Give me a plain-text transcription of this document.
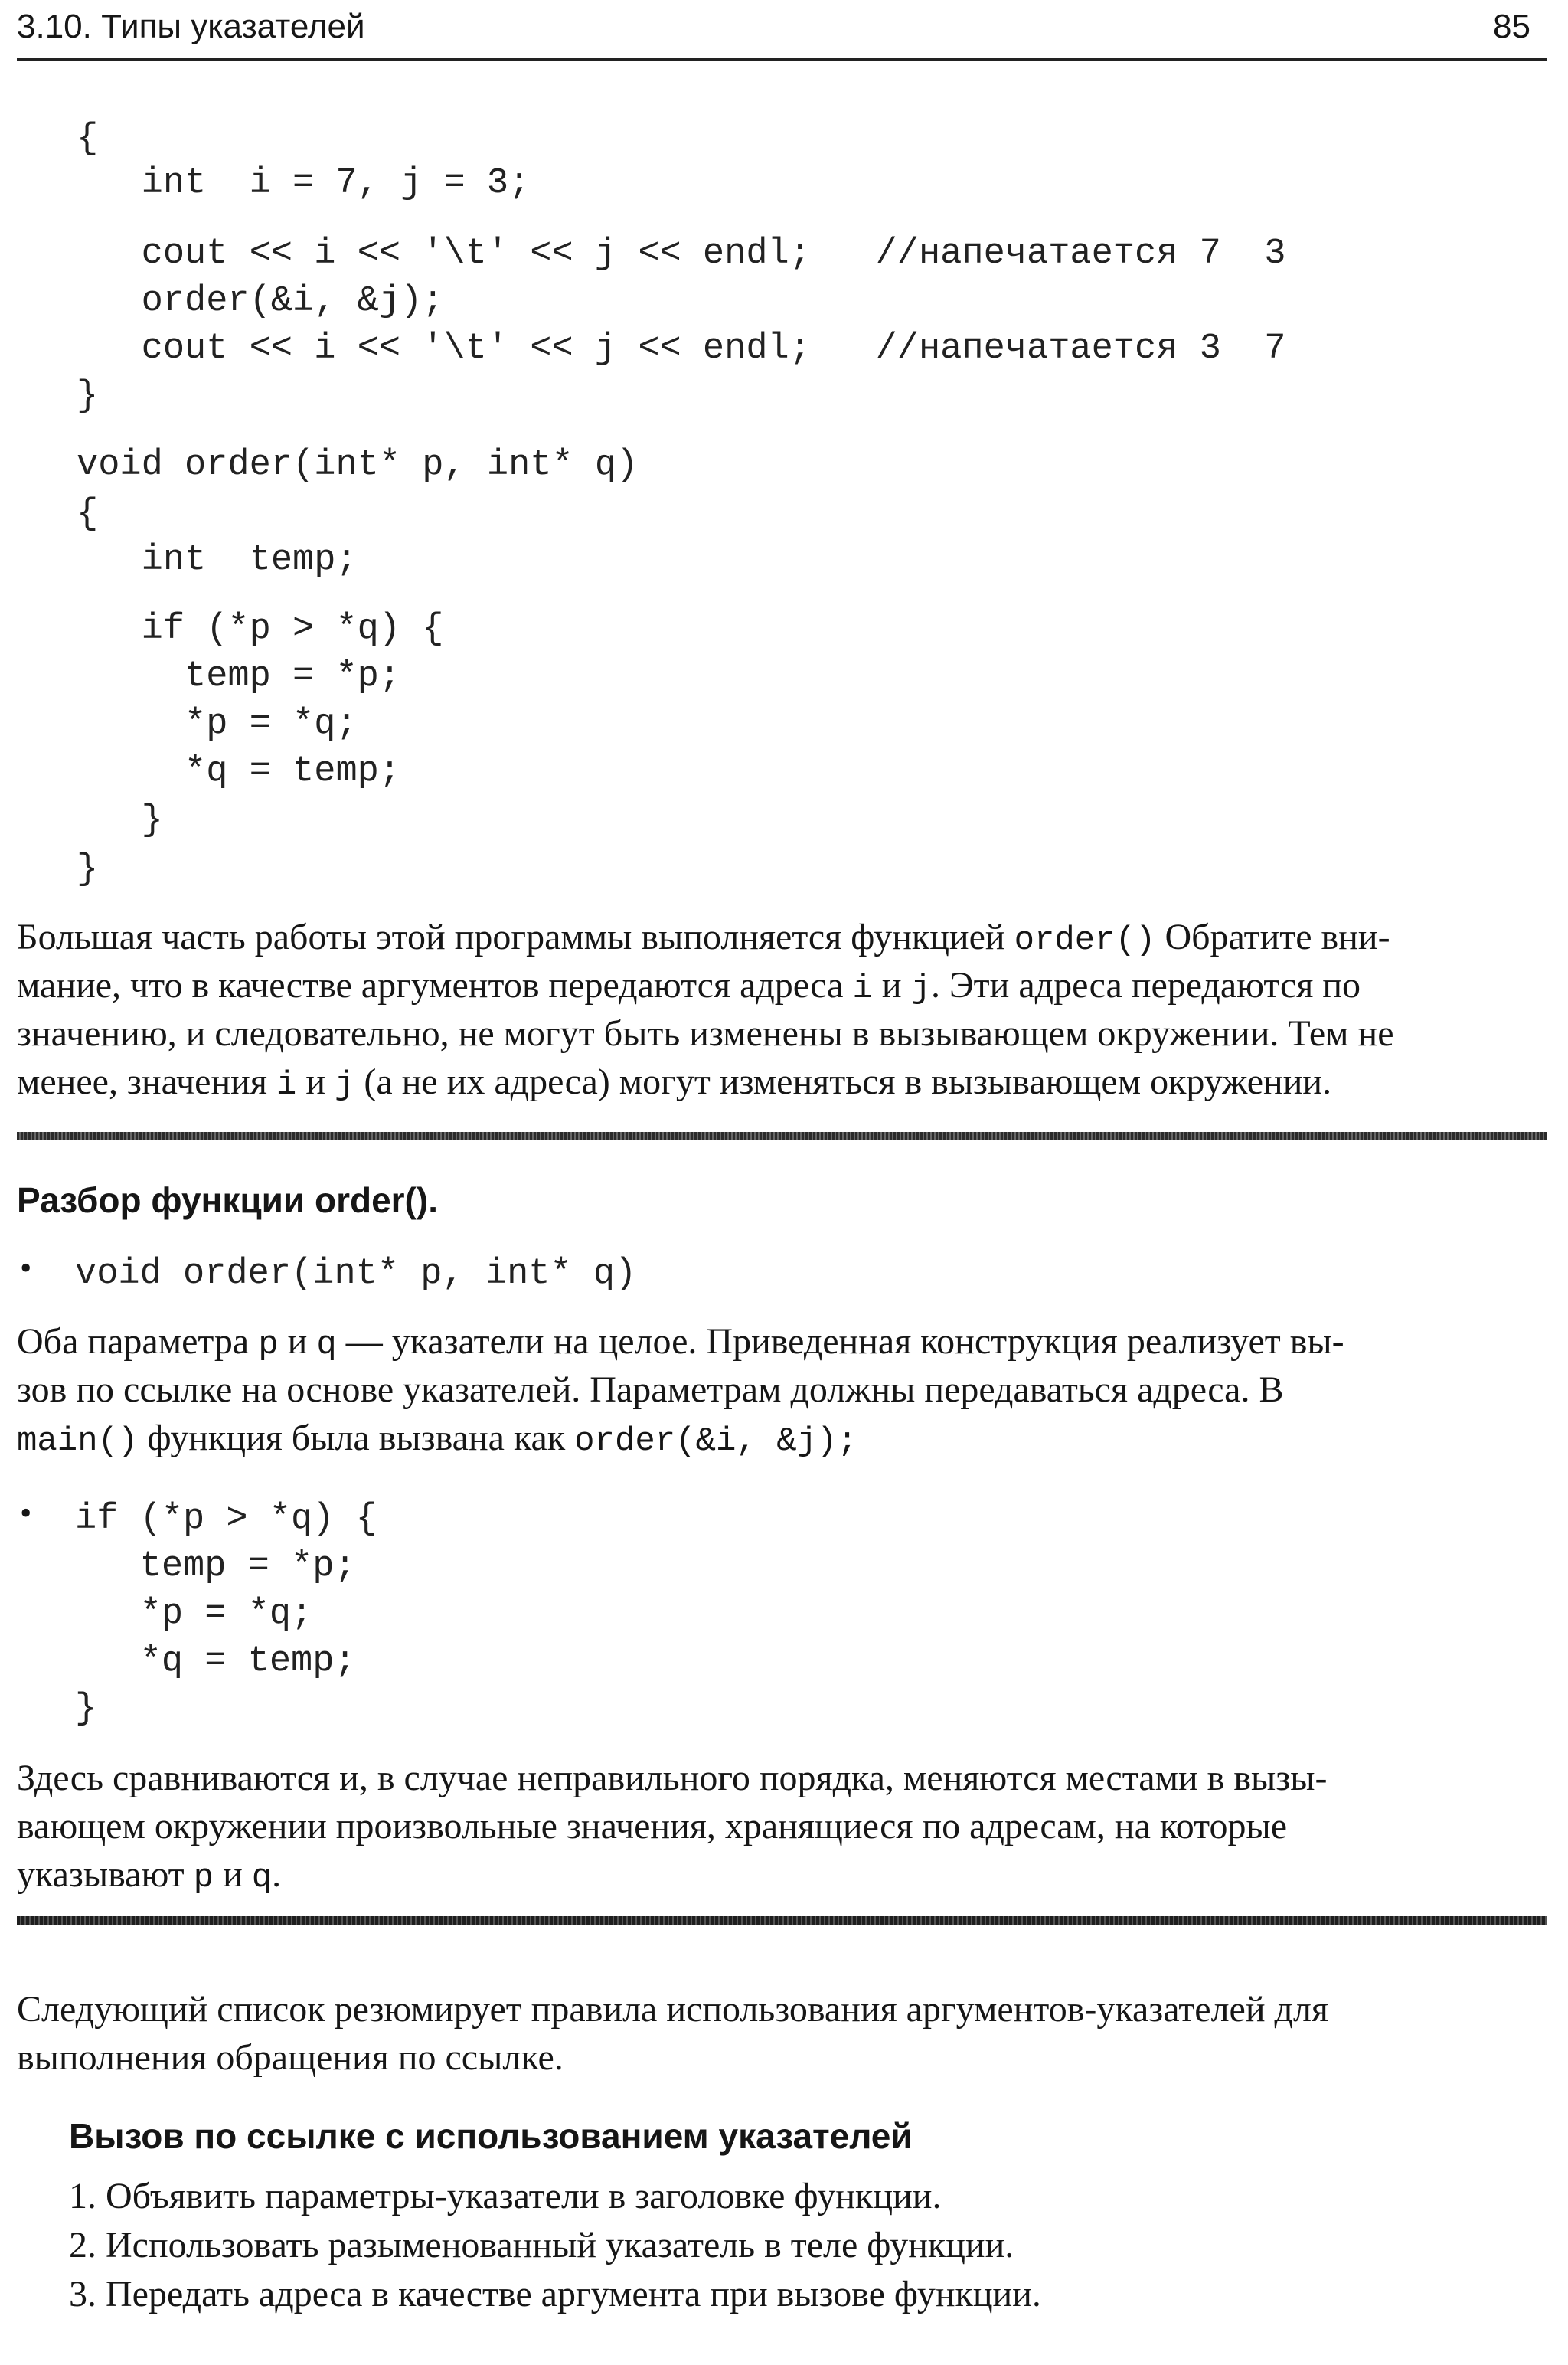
3.10. Типы указателей	85
{
int  i = 7, j = 3;
cout << i << '\t' << j << endl;   //напечатается 7  3
order(&i, &j);
cout << i << '\t' << j << endl;   //напечатается 3  7
}
void order(int* p, int* q)
{
int  temp;
if (*p > *q) {
temp = *p;
*p = *q;
*q = temp;
}
}
Большая часть работы этой программы выполняется функцией order() Обратите вни-
мание, что в качестве аргументов передаются адреса i и j. Эти адреса передаются по
значению, и следовательно, не могут быть изменены в вызывающем окружении. Тем не
менее, значения i и j (а не их адреса) могут изменяться в вызывающем окружении.
Разбор функции order().
• void order(int* p, int* q)
Оба параметра p и q — указатели на целое. Приведенная конструкция реализует вы-
зов по ссылке на основе указателей. Параметрам должны передаваться адреса. В
main() функция была вызвана как order(&i, &j);
• if (*p > *q) {
temp = *p;
*p = *q;
*q = temp;
}
Здесь сравниваются и, в случае неправильного порядка, меняются местами в вызы-
вающем окружении произвольные значения, хранящиеся по адресам, на которые
указывают p и q.
Следующий список резюмирует правила использования аргументов-указателей для
выполнения обращения по ссылке.
Вызов по ссылке с использованием указателей
1. Объявить параметры-указатели в заголовке функции.
2. Использовать разыменованный указатель в теле функции.
3. Передать адреса в качестве аргумента при вызове функции.
